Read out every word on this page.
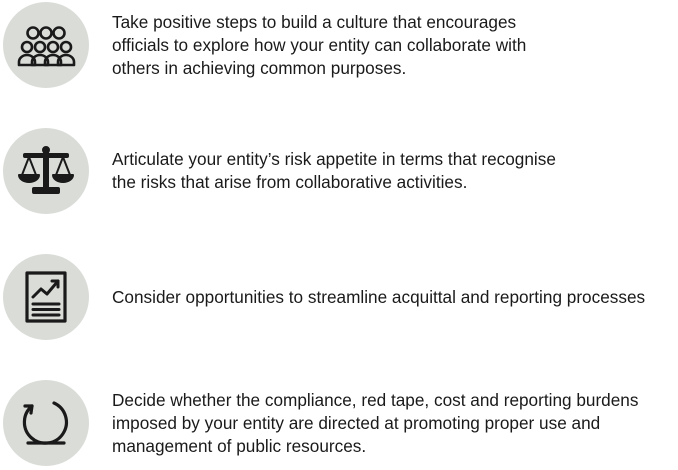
Take positive steps to build a culture that encourages
officials to explore how your entity can collaborate with
others in achieving common purposes.
Articulate your entity’s risk appetite in terms that recognise
the risks that arise from collaborative activities.
Consider opportunities to streamline acquittal and reporting processes
Decide whether the compliance, red tape, cost and reporting burdens
imposed by your entity are directed at promoting proper use and
management of public resources.
